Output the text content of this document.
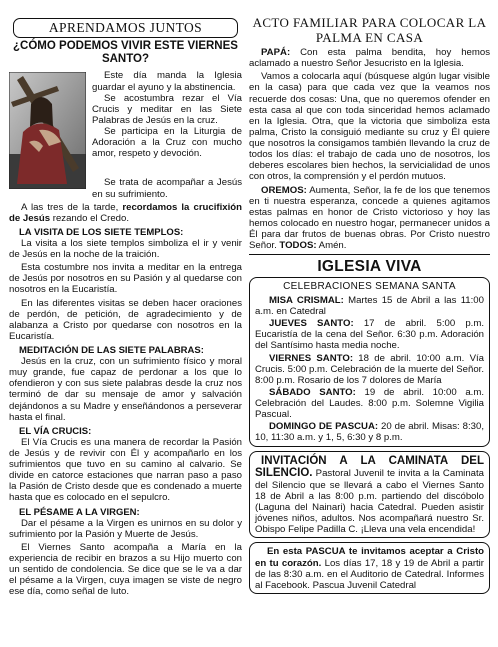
APRENDAMOS JUNTOS
¿CÓMO PODEMOS VIVIR ESTE VIERNES SANTO?

Este día manda la Iglesia guardar el ayuno y la abstinencia.

Se acostumbra rezar el Vía Crucis y meditar en las Siete Palabras de Jesús en la cruz.

Se participa en la Liturgia de Adoración a la Cruz con mucho amor, respeto y devoción.

Se trata de acompañar a Jesús en su sufrimiento.

A las tres de la tarde, recordamos la crucifixión de Jesús rezando el Credo.

LA VISITA DE LOS SIETE TEMPLOS:

La visita a los siete templos simboliza el ir y venir de Jesús en la noche de la traición.

Esta costumbre nos invita a meditar en la entrega de Jesús por nosotros en su Pasión y al quedarse con nosotros en la Eucaristía.

En las diferentes visitas se deben hacer oraciones de perdón, de petición, de agradecimiento y de alabanza a Cristo por quedarse con nosotros en la Eucaristía.

MEDITACIÓN DE LAS SIETE PALABRAS:

Jesús en la cruz, con un sufrimiento físico y moral muy grande, fue capaz de perdonar a los que lo ofendieron y con sus siete palabras desde la cruz nos terminó de dar su mensaje de amor y salvación dejándonos a su Madre y enseñándonos a perseverar hasta el final.

EL VÍA CRUCIS:

El Vía Crucis es una manera de recordar la Pasión de Jesús y de revivir con Él y acompañarlo en los sufrimientos que tuvo en su camino al calvario. Se divide en catorce estaciones que narran paso a paso la Pasión de Cristo desde que es condenado a muerte hasta que es colocado en el sepulcro.

EL PÉSAME A LA VIRGEN:

Dar el pésame a la Virgen es unirnos en su dolor y sufrimiento por la Pasión y Muerte de Jesús.

El Viernes Santo acompaña a María en la experiencia de recibir en brazos a su Hijo muerto con un sentido de condolencia. Se dice que se le va a dar el pésame a la Virgen, cuya imagen se viste de negro ese día, como señal de luto.

ACTO FAMILIAR PARA COLOCAR LA PALMA EN CASA

PAPÁ: Con esta palma bendita, hoy hemos aclamado a nuestro Señor Jesucristo en la Iglesia.

Vamos a colocarla aquí (búsquese algún lugar visible en la casa) para que cada vez que la veamos nos recuerde dos cosas: Una, que no queremos ofender en esta casa al que con toda sinceridad hemos aclamado en la Iglesia. Otra, que la victoria que simboliza esta palma, Cristo la consiguió mediante su cruz y Él quiere que nosotros la consigamos también llevando la cruz de todos los días: el trabajo de cada uno de nosotros, los deberes escolares bien hechos, la servicialidad de unos con otros, la comprensión y el perdón mutuos.

OREMOS: Aumenta, Señor, la fe de los que tenemos en ti nuestra esperanza, concede a quienes agitamos estas palmas en honor de Cristo victorioso y hoy las hemos colocado en nuestro hogar, permanecer unidos a Él para dar frutos de buenas obras. Por Cristo nuestro Señor. TODOS: Amén.

IGLESIA VIVA
CELEBRACIONES SEMANA SANTA

MISA CRISMAL: Martes 15 de Abril a las 11:00 a.m. en Catedral

JUEVES SANTO: 17 de abril. 5:00 p.m. Eucaristía de la cena del Señor. 6:30 p.m. Adoración del Santísimo hasta media noche.

VIERNES SANTO: 18 de abril. 10:00 a.m. Vía Crucis. 5:00 p.m. Celebración de la muerte del Señor. 8:00 p.m. Rosario de los 7 dolores de María

SÁBADO SANTO: 19 de abril. 10:00 a.m. Celebración del Laudes. 8:00 p.m. Solemne Vigilia Pascual.

DOMINGO DE PASCUA: 20 de abril. Misas: 8:30, 10, 11:30 a.m. y 1, 5, 6:30 y 8 p.m.

INVITACIÓN A LA CAMINATA DEL SILENCIO. Pastoral Juvenil te invita a la Caminata del Silencio que se llevará a cabo el Viernes Santo 18 de Abril a las 8:00 p.m. partiendo del discóbolo (Laguna del Nainari) hacia Catedral. Pueden asistir jóvenes niños, adultos. Nos acompañará nuestro Sr. Obispo Felipe Padilla C. ¡Lleva una vela encendida!

En esta PASCUA te invitamos aceptar a Cristo en tu corazón. Los días 17, 18 y 19 de Abril a partir de las 8:30 a.m. en el Auditorio de Catedral. Informes al Facebook. Pascua Juvenil Catedral
